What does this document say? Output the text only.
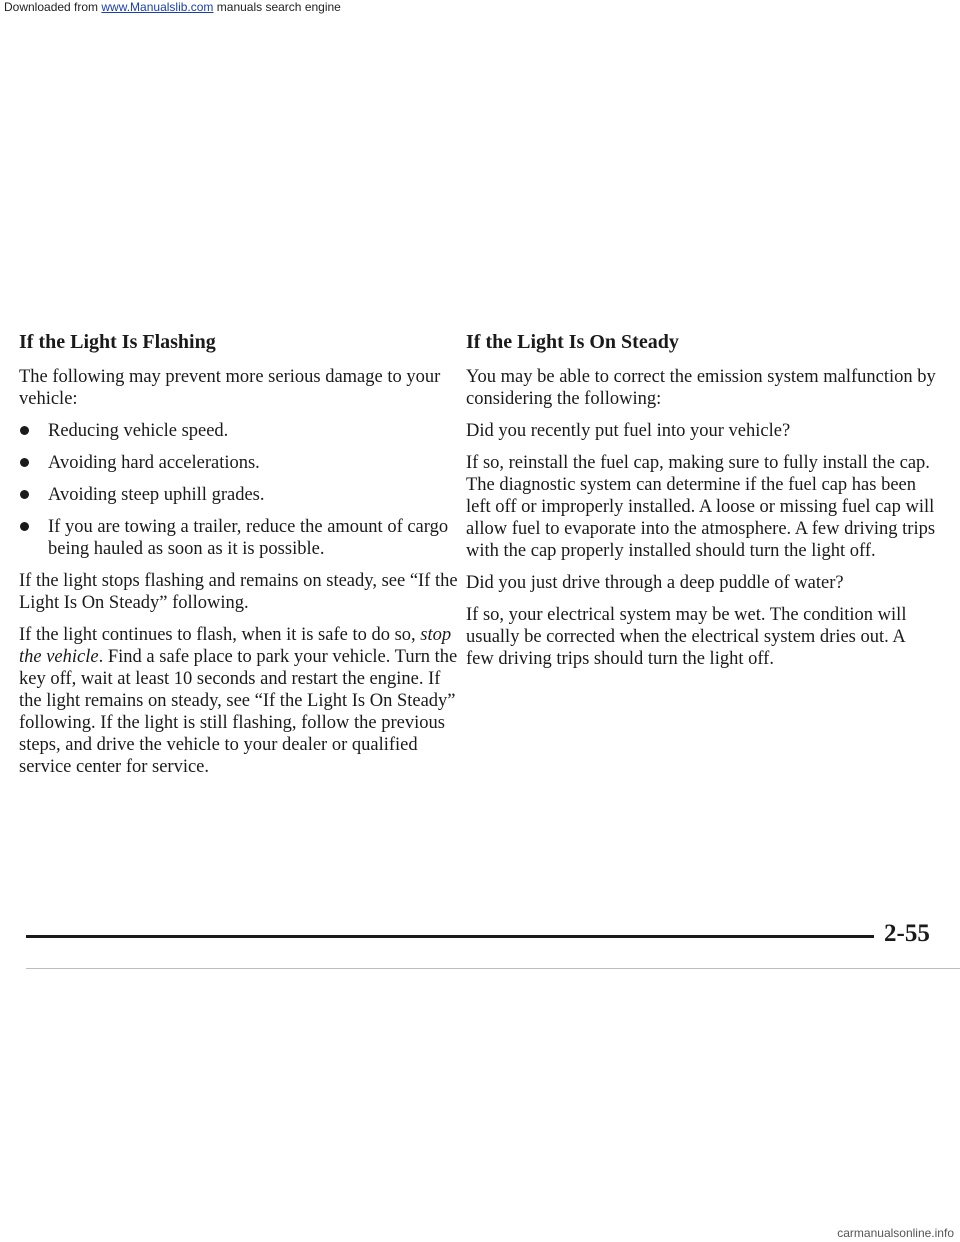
Downloaded from www.Manualslib.com manuals search engine
If the Light Is Flashing

The following may prevent more serious damage to your vehicle:

Reducing vehicle speed.
Avoiding hard accelerations.
Avoiding steep uphill grades.
If you are towing a trailer, reduce the amount of cargo being hauled as soon as it is possible.

If the light stops flashing and remains on steady, see “If the Light Is On Steady” following.

If the light continues to flash, when it is safe to do so, stop the vehicle. Find a safe place to park your vehicle. Turn the key off, wait at least 10 seconds and restart the engine. If the light remains on steady, see “If the Light Is On Steady” following. If the light is still flashing, follow the previous steps, and drive the vehicle to your dealer or qualified service center for service.

If the Light Is On Steady

You may be able to correct the emission system malfunction by considering the following:

Did you recently put fuel into your vehicle?

If so, reinstall the fuel cap, making sure to fully install the cap. The diagnostic system can determine if the fuel cap has been left off or improperly installed. A loose or missing fuel cap will allow fuel to evaporate into the atmosphere. A few driving trips with the cap properly installed should turn the light off.

Did you just drive through a deep puddle of water?

If so, your electrical system may be wet. The condition will usually be corrected when the electrical system dries out. A few driving trips should turn the light off.

2-55
carmanualsonline.info
